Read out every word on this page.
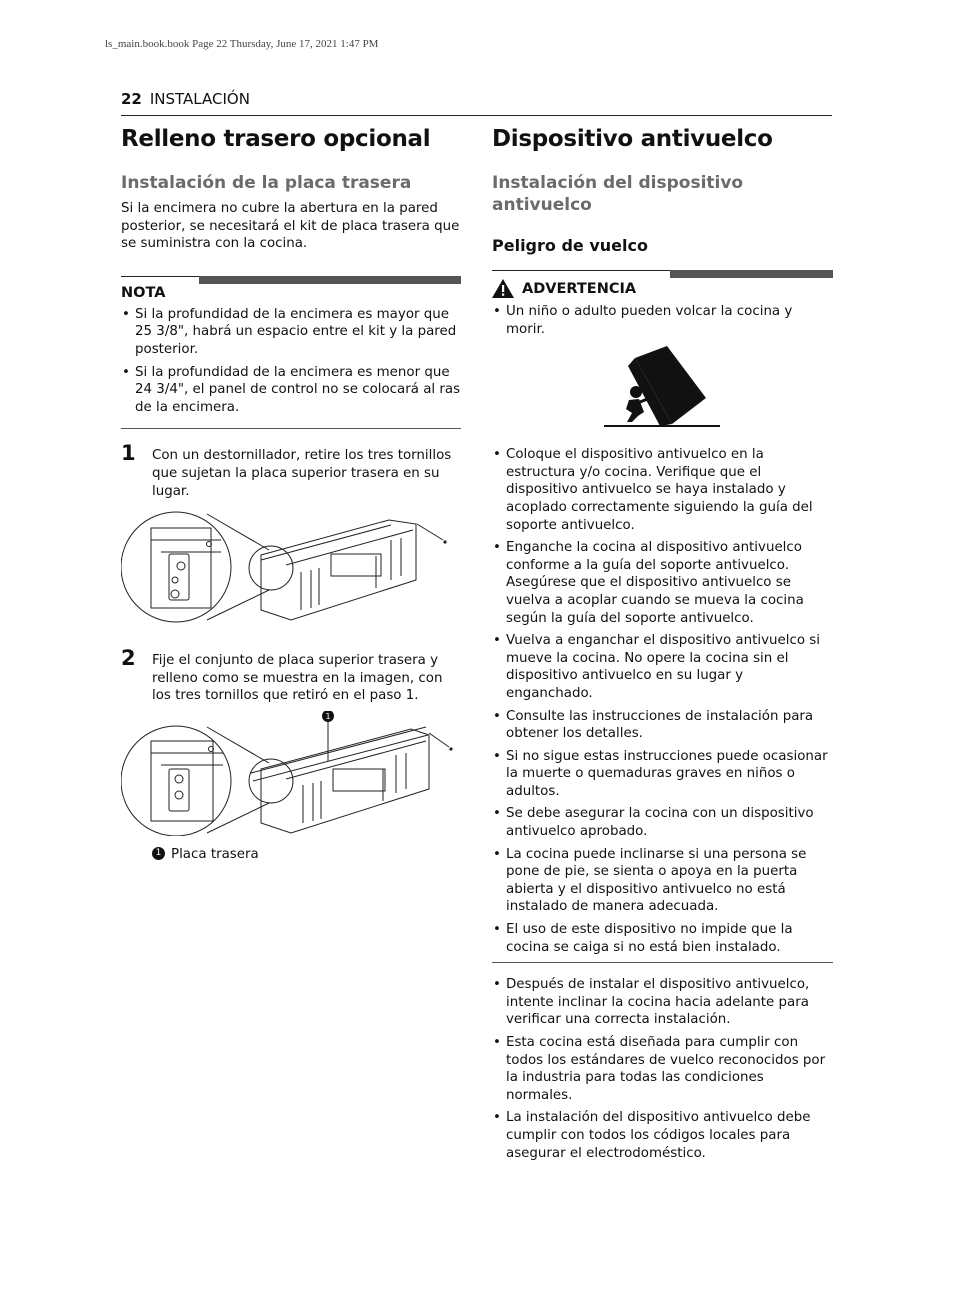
ls_main.book.book Page 22 Thursday, June 17, 2021 1:47 PM
22 INSTALACIÓN
Relleno trasero opcional
Instalación de la placa trasera

Si la encimera no cubre la abertura en la pared posterior, se necesitará el kit de placa trasera que se suministra con la cocina.

NOTA
• Si la profundidad de la encimera es mayor que 25 3/8", habrá un espacio entre el kit y la pared posterior.
• Si la profundidad de la encimera es menor que 24 3/4", el panel de control no se colocará al ras de la encimera.
1 Con un destornillador, retire los tres tornillos que sujetan la placa superior trasera en su lugar.

2 Fije el conjunto de placa superior trasera y relleno como se muestra en la imagen, con los tres tornillos que retiró en el paso 1.

1
1 Placa trasera
Dispositivo antivuelco
Instalación del dispositivo antivuelco
Peligro de vuelco
ADVERTENCIA
• Un niño o adulto pueden volcar la cocina y morir.
• Coloque el dispositivo antivuelco en la estructura y/o cocina. Verifique que el dispositivo antivuelco se haya instalado y acoplado correctamente siguiendo la guía del soporte antivuelco.
• Enganche la cocina al dispositivo antivuelco conforme a la guía del soporte antivuelco. Asegúrese que el dispositivo antivuelco se vuelva a acoplar cuando se mueva la cocina según la guía del soporte antivuelco.
• Vuelva a enganchar el dispositivo antivuelco si mueve la cocina. No opere la cocina sin el dispositivo antivuelco en su lugar y enganchado.
• Consulte las instrucciones de instalación para obtener los detalles.
• Si no sigue estas instrucciones puede ocasionar la muerte o quemaduras graves en niños o adultos.
• Se debe asegurar la cocina con un dispositivo antivuelco aprobado.
• La cocina puede inclinarse si una persona se pone de pie, se sienta o apoya en la puerta abierta y el dispositivo antivuelco no está instalado de manera adecuada.
• El uso de este dispositivo no impide que la cocina se caiga si no está bien instalado.
• Después de instalar el dispositivo antivuelco, intente inclinar la cocina hacia adelante para verificar una correcta instalación.
• Esta cocina está diseñada para cumplir con todos los estándares de vuelco reconocidos por la industria para todas las condiciones normales.
• La instalación del dispositivo antivuelco debe cumplir con todos los códigos locales para asegurar el electrodoméstico.
